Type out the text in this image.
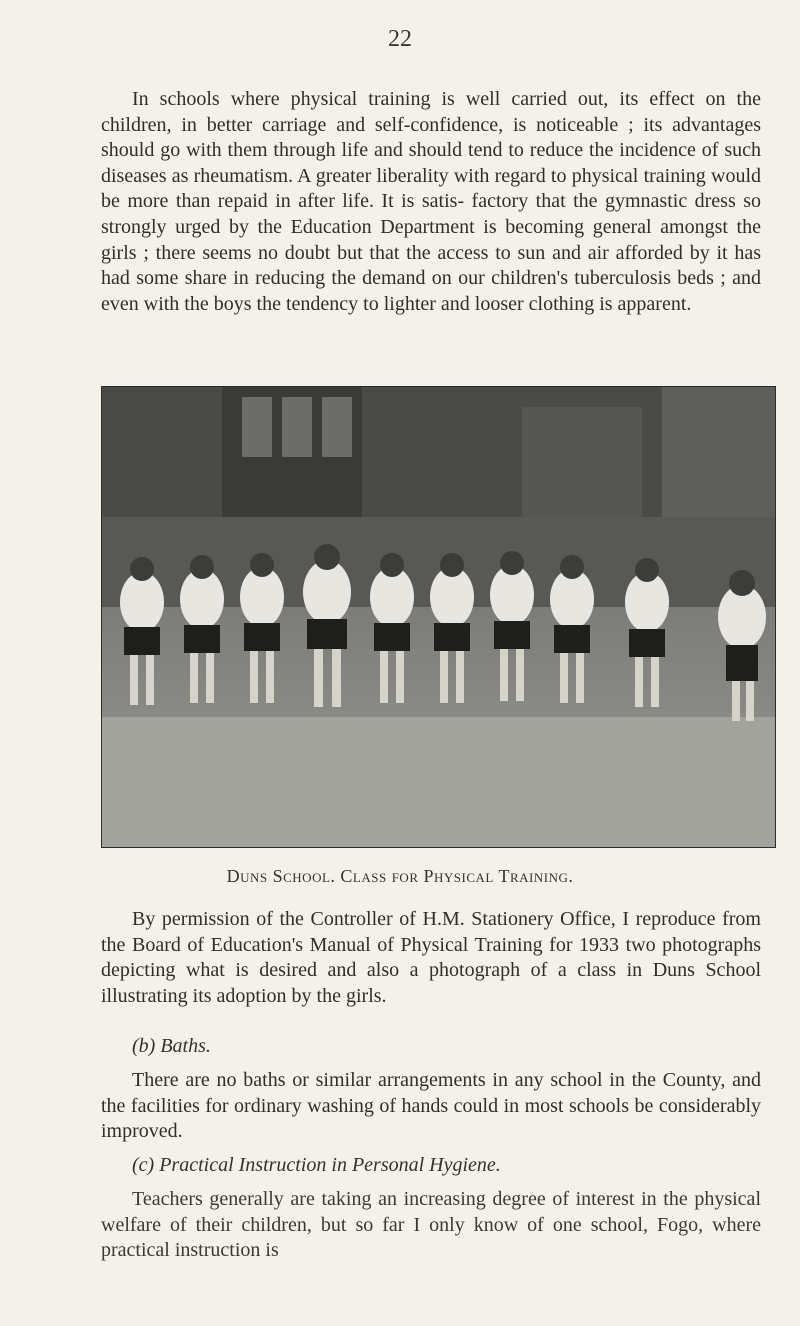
22

In schools where physical training is well carried out, its effect on the children, in better carriage and self-confidence, is noticeable ; its advantages should go with them through life and should tend to reduce the incidence of such diseases as rheumatism. A greater liberality with regard to physical training would be more than repaid in after life. It is satis- factory that the gymnastic dress so strongly urged by the Education Department is becoming general amongst the girls ; there seems no doubt but that the access to sun and air afforded by it has had some share in reducing the demand on our children's tuberculosis beds ; and even with the boys the tendency to lighter and looser clothing is apparent.

Duns School. Class for Physical Training.

By permission of the Controller of H.M. Stationery Office, I reproduce from the Board of Education's Manual of Physical Training for 1933 two photographs depicting what is desired and also a photograph of a class in Duns School illustrating its adoption by the girls.

(b) Baths.

There are no baths or similar arrangements in any school in the County, and the facilities for ordinary washing of hands could in most schools be considerably improved.

(c) Practical Instruction in Personal Hygiene.

Teachers generally are taking an increasing degree of interest in the physical welfare of their children, but so far I only know of one school, Fogo, where practical instruction is
